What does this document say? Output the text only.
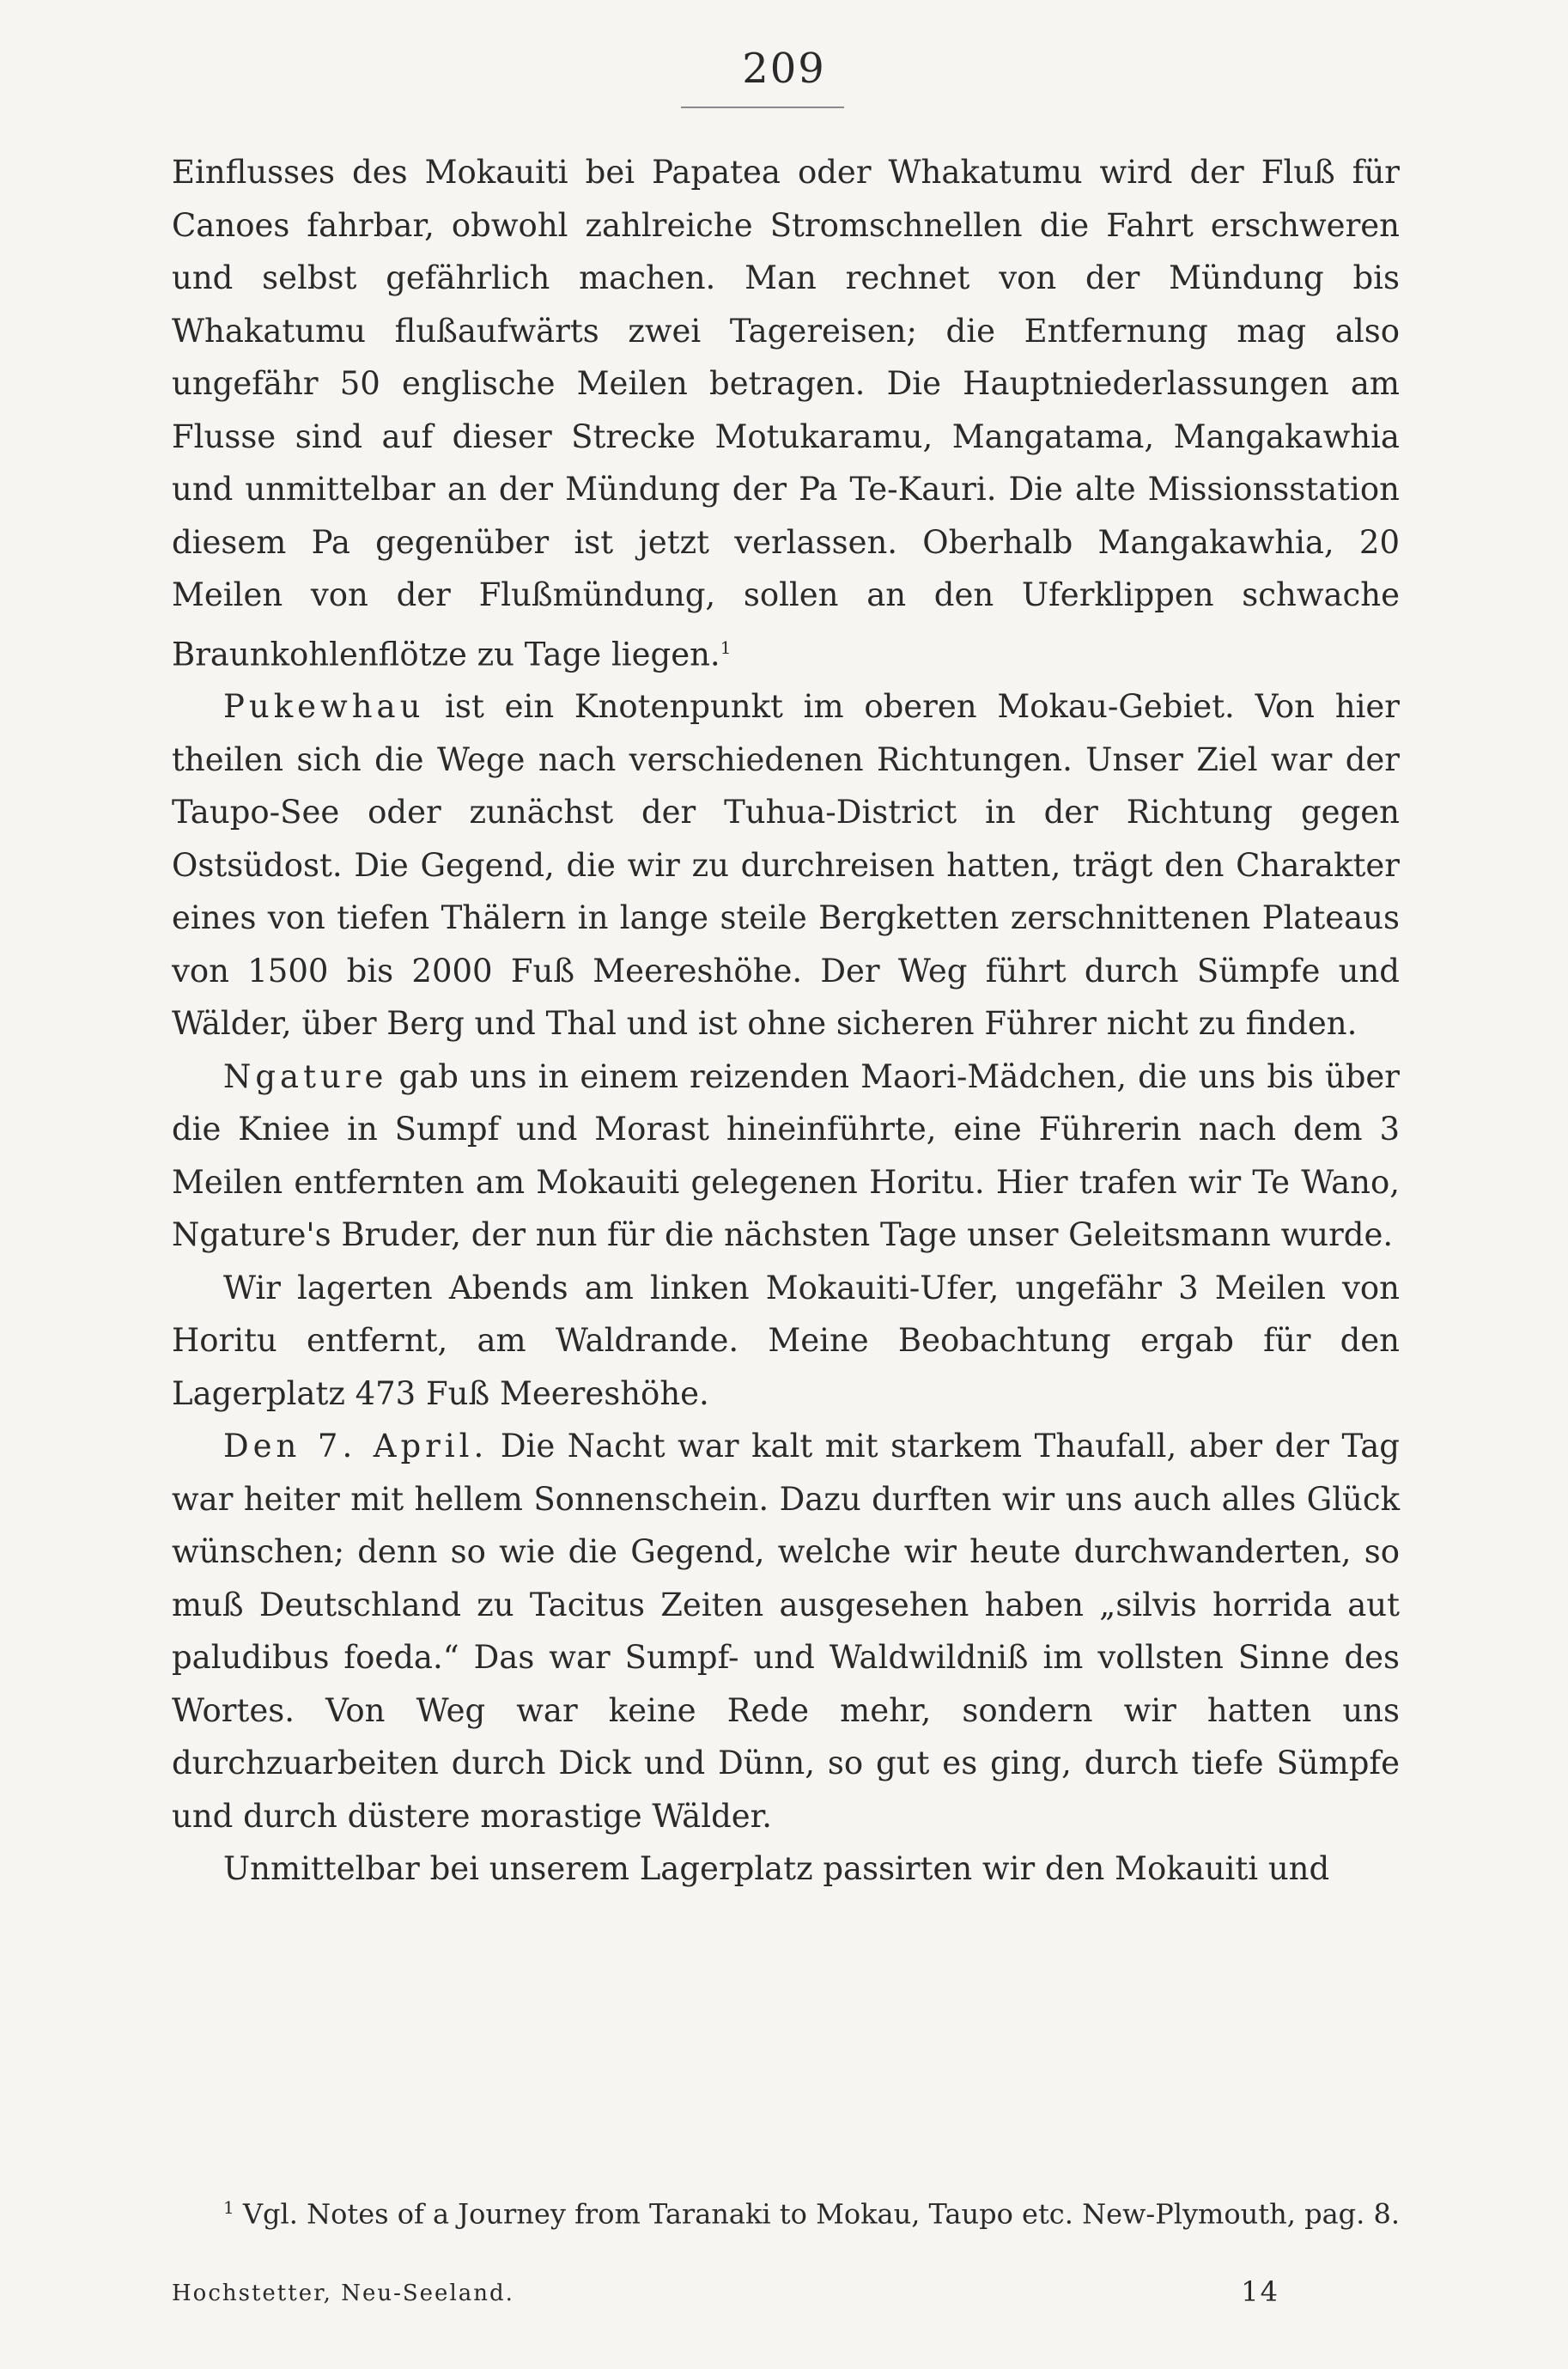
209

Einflusses des Mokauiti bei Papatea oder Whakatumu wird der Fluß für Canoes fahrbar, obwohl zahlreiche Stromschnellen die Fahrt erschweren und selbst gefährlich machen. Man rechnet von der Mündung bis Whakatumu flußaufwärts zwei Tagereisen; die Entfernung mag also ungefähr 50 englische Meilen betragen. Die Hauptniederlassungen am Flusse sind auf dieser Strecke Motukaramu, Mangatama, Mangakawhia und unmittelbar an der Mündung der Pa Te-Kauri. Die alte Missionsstation diesem Pa gegenüber ist jetzt verlassen. Oberhalb Mangakawhia, 20 Meilen von der Flußmündung, sollen an den Uferklippen schwache Braunkohlenflötze zu Tage liegen.$^1$

Pukewhau ist ein Knotenpunkt im oberen Mokau-Gebiet. Von hier theilen sich die Wege nach verschiedenen Richtungen. Unser Ziel war der Taupo-See oder zunächst der Tuhua-District in der Richtung gegen Ostsüdost. Die Gegend, die wir zu durchreisen hatten, trägt den Charakter eines von tiefen Thälern in lange steile Bergketten zerschnittenen Plateaus von 1500 bis 2000 Fuß Meereshöhe. Der Weg führt durch Sümpfe und Wälder, über Berg und Thal und ist ohne sicheren Führer nicht zu finden.

Ngature gab uns in einem reizenden Maori-Mädchen, die uns bis über die Kniee in Sumpf und Morast hineinführte, eine Führerin nach dem 3 Meilen entfernten am Mokauiti gelegenen Horitu. Hier trafen wir Te Wano, Ngature's Bruder, der nun für die nächsten Tage unser Geleitsmann wurde.

Wir lagerten Abends am linken Mokauiti-Ufer, ungefähr 3 Meilen von Horitu entfernt, am Waldrande. Meine Beobachtung ergab für den Lagerplatz 473 Fuß Meereshöhe.

Den 7. April. Die Nacht war kalt mit starkem Thaufall, aber der Tag war heiter mit hellem Sonnenschein. Dazu durften wir uns auch alles Glück wünschen; denn so wie die Gegend, welche wir heute durchwanderten, so muß Deutschland zu Tacitus Zeiten ausgesehen haben „silvis horrida aut paludibus foeda.“ Das war Sumpf- und Waldwildniß im vollsten Sinne des Wortes. Von Weg war keine Rede mehr, sondern wir hatten uns durchzuarbeiten durch Dick und Dünn, so gut es ging, durch tiefe Sümpfe und durch düstere morastige Wälder.

Unmittelbar bei unserem Lagerplatz passirten wir den Mokauiti und

$^1$ Vgl. Notes of a Journey from Taranaki to Mokau, Taupo etc. New-Plymouth, pag. 8.

Hochstetter, Neu-Seeland.	14
